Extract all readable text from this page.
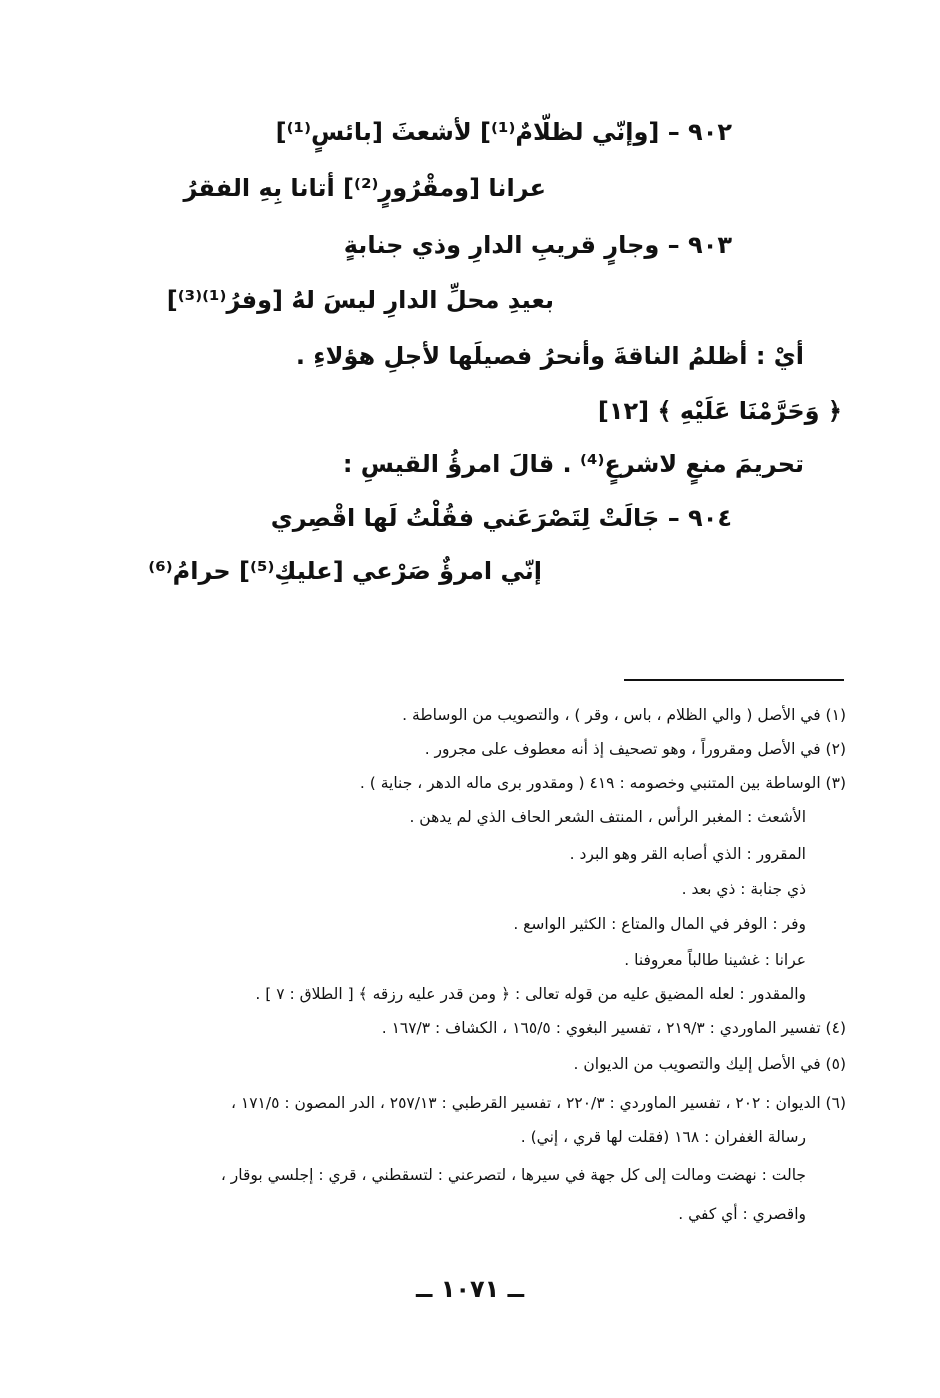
٩٠٢ – [وإنّي لظلّامٌ⁽¹⁾] لأشعثَ [بائسٍ⁽¹⁾]
عرانا [ومقْرُورٍ⁽²⁾] أتانا بِهِ الفقرُ
٩٠٣ – وجارٍ قريبِ الدارِ وذي جنابةٍ
بعيدِ محلِّ الدارِ ليسَ لهُ [وفرُ⁽¹⁾⁽³⁾]
أيْ : أظلمُ الناقةَ وأنحرُ فصيلَها لأجلِ هؤلاءِ .
﴿ وَحَرَّمْنَا عَلَيْهِ ﴾ [١٢]
تحريمَ منعٍ لاشرعٍ⁽⁴⁾ . قالَ امرؤُ القيسِ :
٩٠٤ – جَالَتْ لِتَصْرَعَني فقُلْتُ لَها اقْصِري
إنّي امرؤٌ صَرْعي [عليكِ⁽⁵⁾] حرامُ⁽⁶⁾
(١) في الأصل ( والي الظلام ، باس ، وقر ) ، والتصويب من الوساطة .
(٢) في الأصل ومقروراً ، وهو تصحيف إذ أنه معطوف على مجرور .
(٣) الوساطة بين المتنبي وخصومه : ٤١٩ ( ومقدور برى ماله الدهر ، جناية ) .
الأشعث : المغبر الرأس ، المنتف الشعر الحاف الذي لم يدهن .
المقرور : الذي أصابه القر وهو البرد .
ذي جنابة : ذي بعد .
وفر : الوفر في المال والمتاع : الكثير الواسع .
عرانا : غشينا طالباً معروفنا .
والمقدور : لعله المضيق عليه من قوله تعالى : ﴿ ومن قدر عليه رزقه ﴾ [ الطلاق : ٧ ] .
(٤) تفسير الماوردي : ٢١٩/٣ ، تفسير البغوي : ١٦٥/٥ ، الكشاف : ١٦٧/٣ .
(٥) في الأصل إليك والتصويب من الديوان .
(٦) الديوان : ٢٠٢ ، تفسير الماوردي : ٢٢٠/٣ ، تفسير القرطبي : ٢٥٧/١٣ ، الدر المصون : ١٧١/٥ ،
رسالة الغفران : ١٦٨ (فقلت لها قري ، إني) .
جالت : نهضت ومالت إلى كل جهة في سيرها ، لتصرعني : لتسقطني ، قري : إجلسي بوقار ،
واقصري : أي كفي .
ــ ١٠٧١ ــ
